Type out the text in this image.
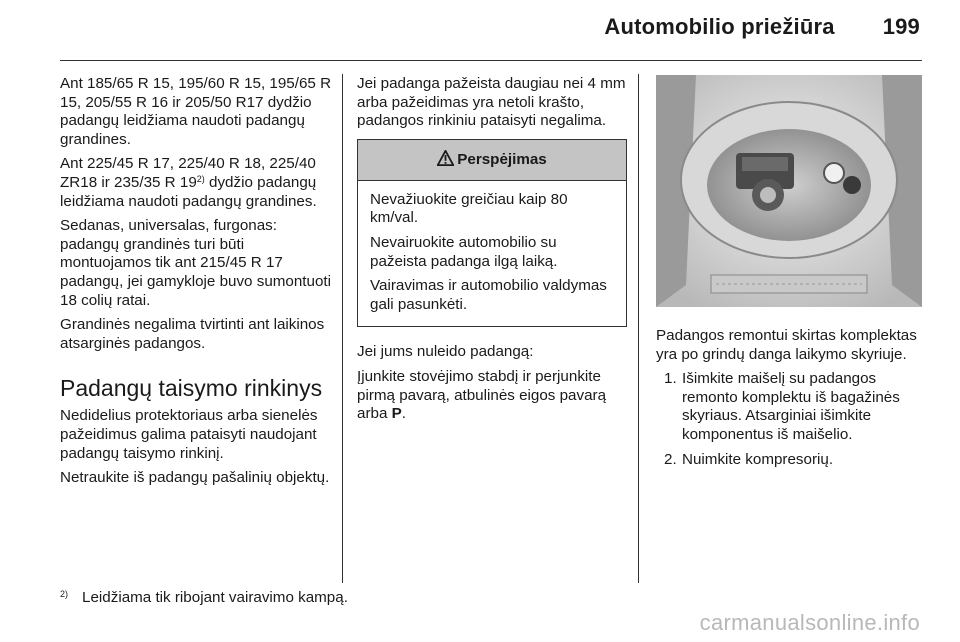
Automobilio priežiūra 199

Ant 185/65 R 15, 195/60 R 15, 195/65 R 15, 205/55 R 16 ir 205/50 R17 dydžio padangų leidžiama naudoti padangų grandines.

Ant 225/45 R 17, 225/40 R 18, 225/40 ZR18 ir 235/35 R 19$^{2)}$ dydžio padangų leidžiama naudoti padangų grandines.

Sedanas, universalas, furgonas: padangų grandinės turi būti montuojamos tik ant 215/45 R 17 padangų, jei gamykloje buvo sumontuoti 18 colių ratai.

Grandinės negalima tvirtinti ant laikinos atsarginės padangos.

Padangų taisymo rinkinys

Nedidelius protektoriaus arba sienelės pažeidimus galima pataisyti naudojant padangų taisymo rinkinį.

Netraukite iš padangų pašalinių objektų.

Jei padanga pažeista daugiau nei 4 mm arba pažeidimas yra netoli krašto, padangos rinkiniu pataisyti negalima.

Perspėjimas

Nevažiuokite greičiau kaip 80 km/val.

Nevairuokite automobilio su pažeista padanga ilgą laiką.

Vairavimas ir automobilio valdymas gali pasunkėti.

Jei jums nuleido padangą:

Įjunkite stovėjimo stabdį ir perjunkite pirmą pavarą, atbulinės eigos pavarą arba P.

Padangos remontui skirtas komplektas yra po grindų danga laikymo skyriuje.

1. Išimkite maišelį su padangos remonto komplektu iš bagažinės skyriaus. Atsarginiai išimkite komponentus iš maišelio.
2. Nuimkite kompresorių.
$^{2)}$ Leidžiama tik ribojant vairavimo kampą.
carmanualsonline.info
